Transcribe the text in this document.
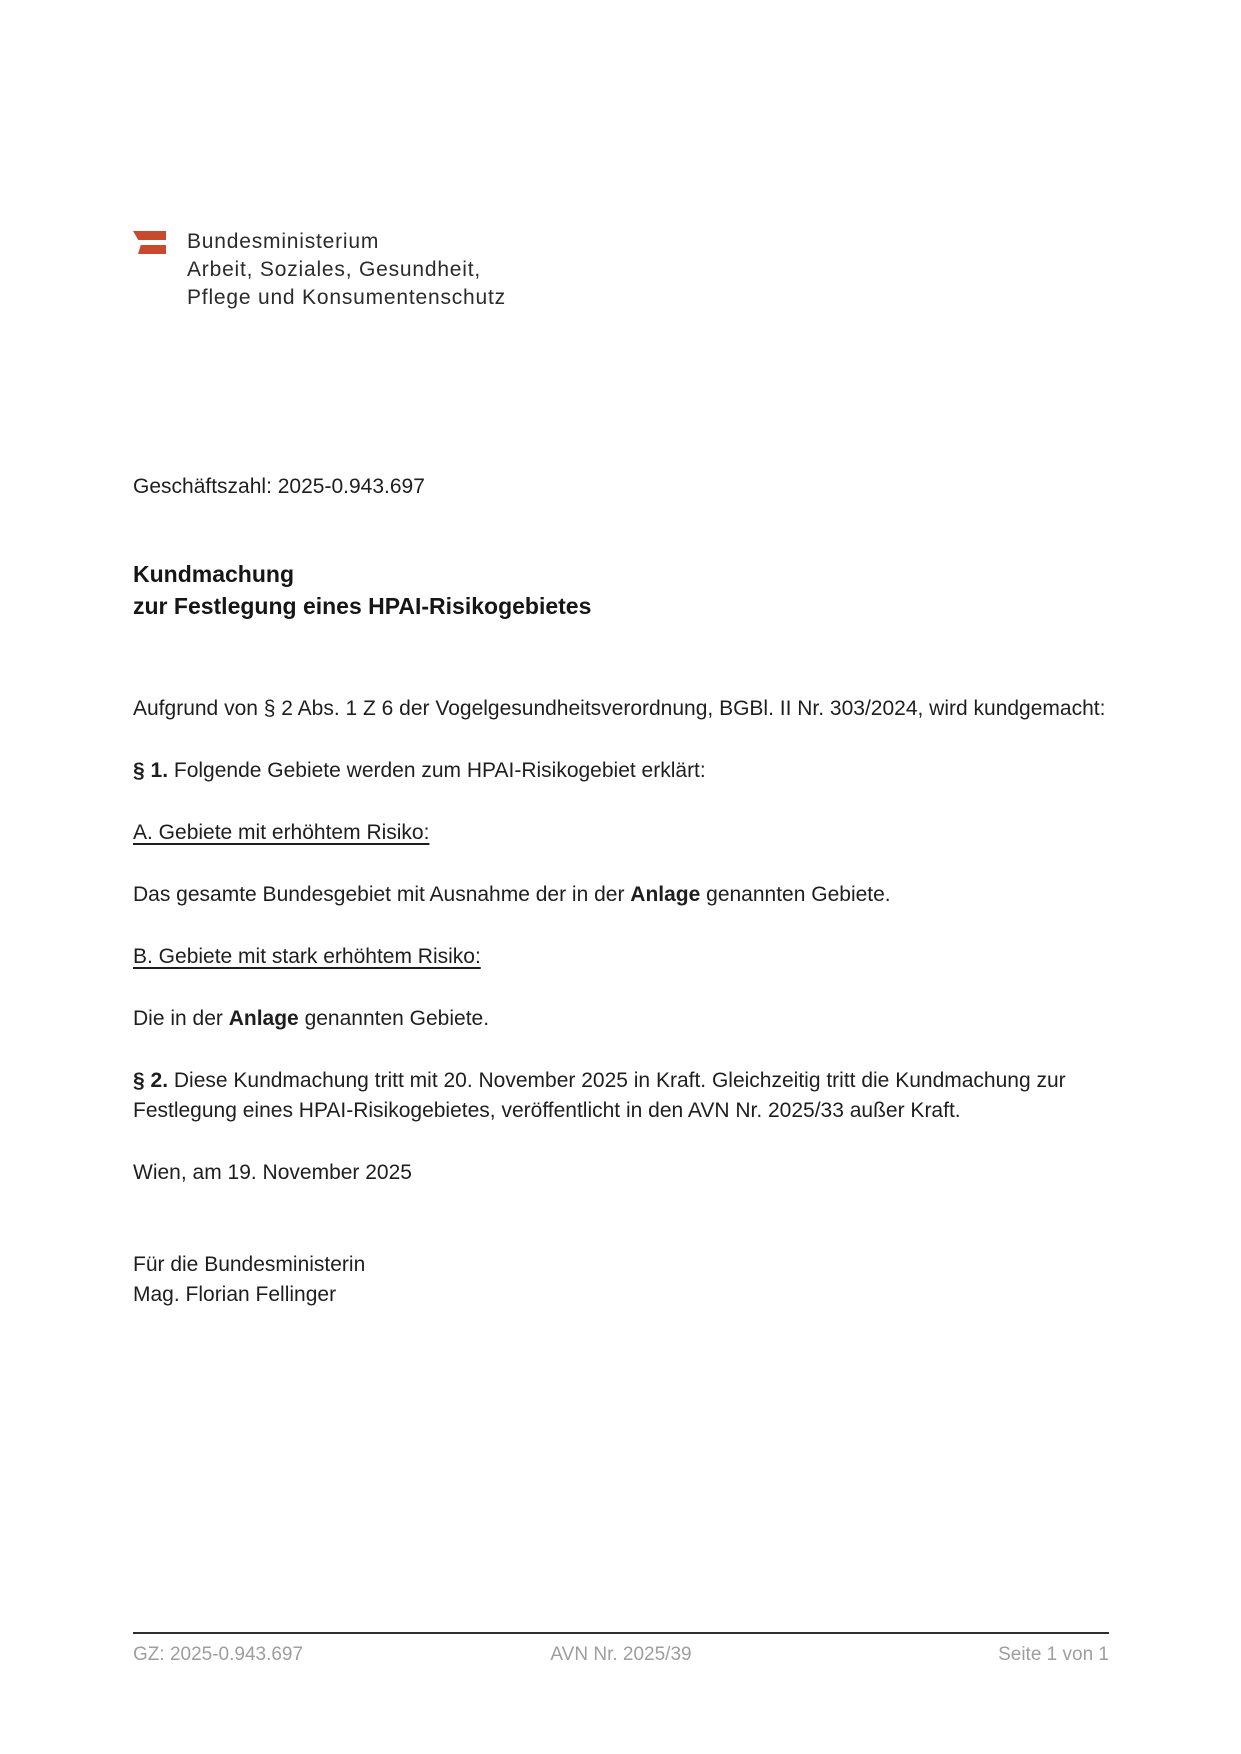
Bundesministerium
Arbeit, Soziales, Gesundheit,
Pflege und Konsumentenschutz
Geschäftszahl: 2025-0.943.697
Kundmachung
zur Festlegung eines HPAI-Risikogebietes

Aufgrund von § 2 Abs. 1 Z 6 der Vogelgesundheitsverordnung, BGBl. II Nr. 303/2024, wird kundgemacht:

§ 1. Folgende Gebiete werden zum HPAI-Risikogebiet erklärt:

A. Gebiete mit erhöhtem Risiko:

Das gesamte Bundesgebiet mit Ausnahme der in der Anlage genannten Gebiete.

B. Gebiete mit stark erhöhtem Risiko:

Die in der Anlage genannten Gebiete.

§ 2. Diese Kundmachung tritt mit 20. November 2025 in Kraft. Gleichzeitig tritt die Kundmachung zur Festlegung eines HPAI-Risikogebietes, veröffentlicht in den AVN Nr. 2025/33 außer Kraft.

Wien, am 19. November 2025

Für die Bundesministerin
Mag. Florian Fellinger
GZ: 2025-0.943.697	AVN Nr. 2025/39	Seite 1 von 1
